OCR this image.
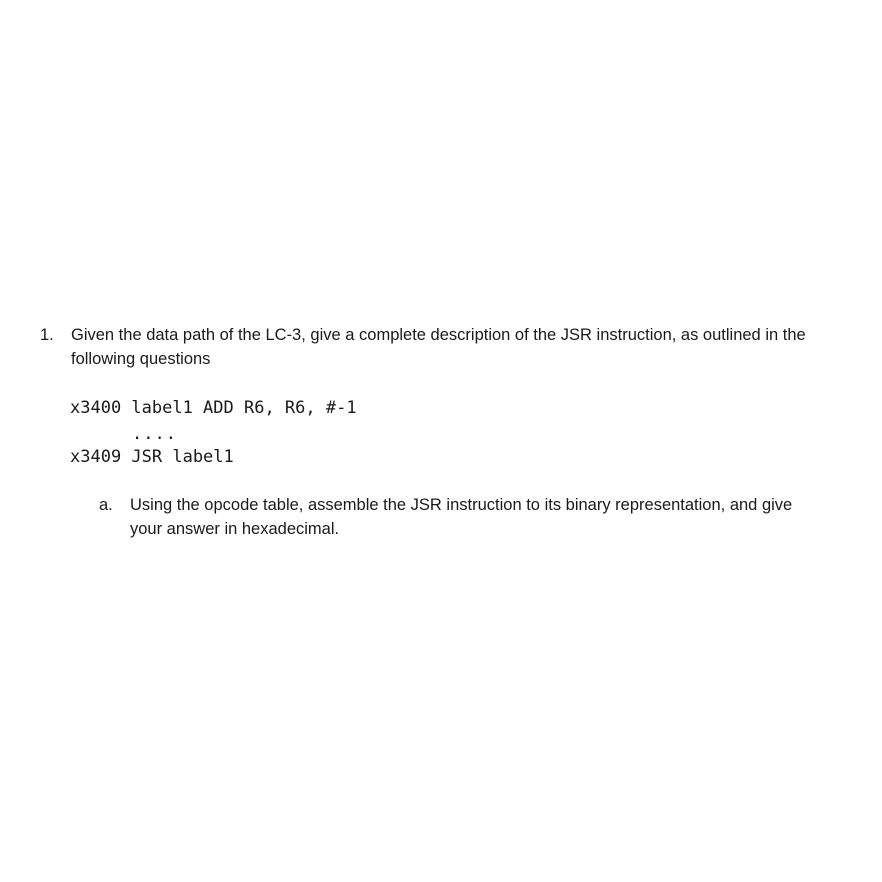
1. Given the data path of the LC-3, give a complete description of the JSR instruction, as outlined in the following questions
x3400 label1 ADD R6, R6, #-1
....
x3409 JSR label1
a. Using the opcode table, assemble the JSR instruction to its binary representation, and give your answer in hexadecimal.
